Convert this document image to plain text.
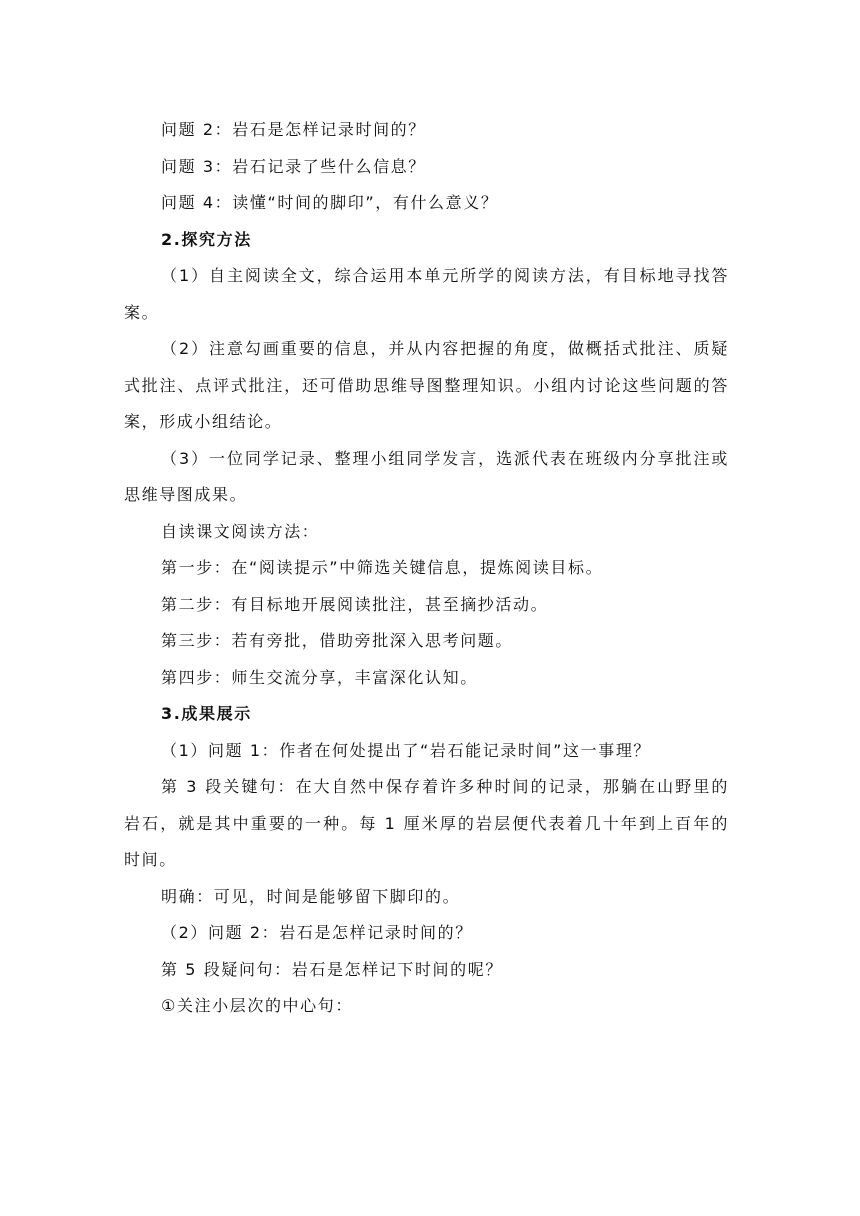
问题 2：岩石是怎样记录时间的？

问题 3：岩石记录了些什么信息？

问题 4：读懂“时间的脚印”，有什么意义？

2.探究方法

（1）自主阅读全文，综合运用本单元所学的阅读方法，有目标地寻找答案。

（2）注意勾画重要的信息，并从内容把握的角度，做概括式批注、质疑式批注、点评式批注，还可借助思维导图整理知识。小组内讨论这些问题的答案，形成小组结论。

（3）一位同学记录、整理小组同学发言，选派代表在班级内分享批注或思维导图成果。

自读课文阅读方法：

第一步：在“阅读提示”中筛选关键信息，提炼阅读目标。

第二步：有目标地开展阅读批注，甚至摘抄活动。

第三步：若有旁批，借助旁批深入思考问题。

第四步：师生交流分享，丰富深化认知。

3.成果展示

（1）问题 1：作者在何处提出了“岩石能记录时间”这一事理？

第 3 段关键句：在大自然中保存着许多种时间的记录，那躺在山野里的岩石，就是其中重要的一种。每 1 厘米厚的岩层便代表着几十年到上百年的时间。

明确：可见，时间是能够留下脚印的。

（2）问题 2：岩石是怎样记录时间的？

第 5 段疑问句：岩石是怎样记下时间的呢？

①关注小层次的中心句：
